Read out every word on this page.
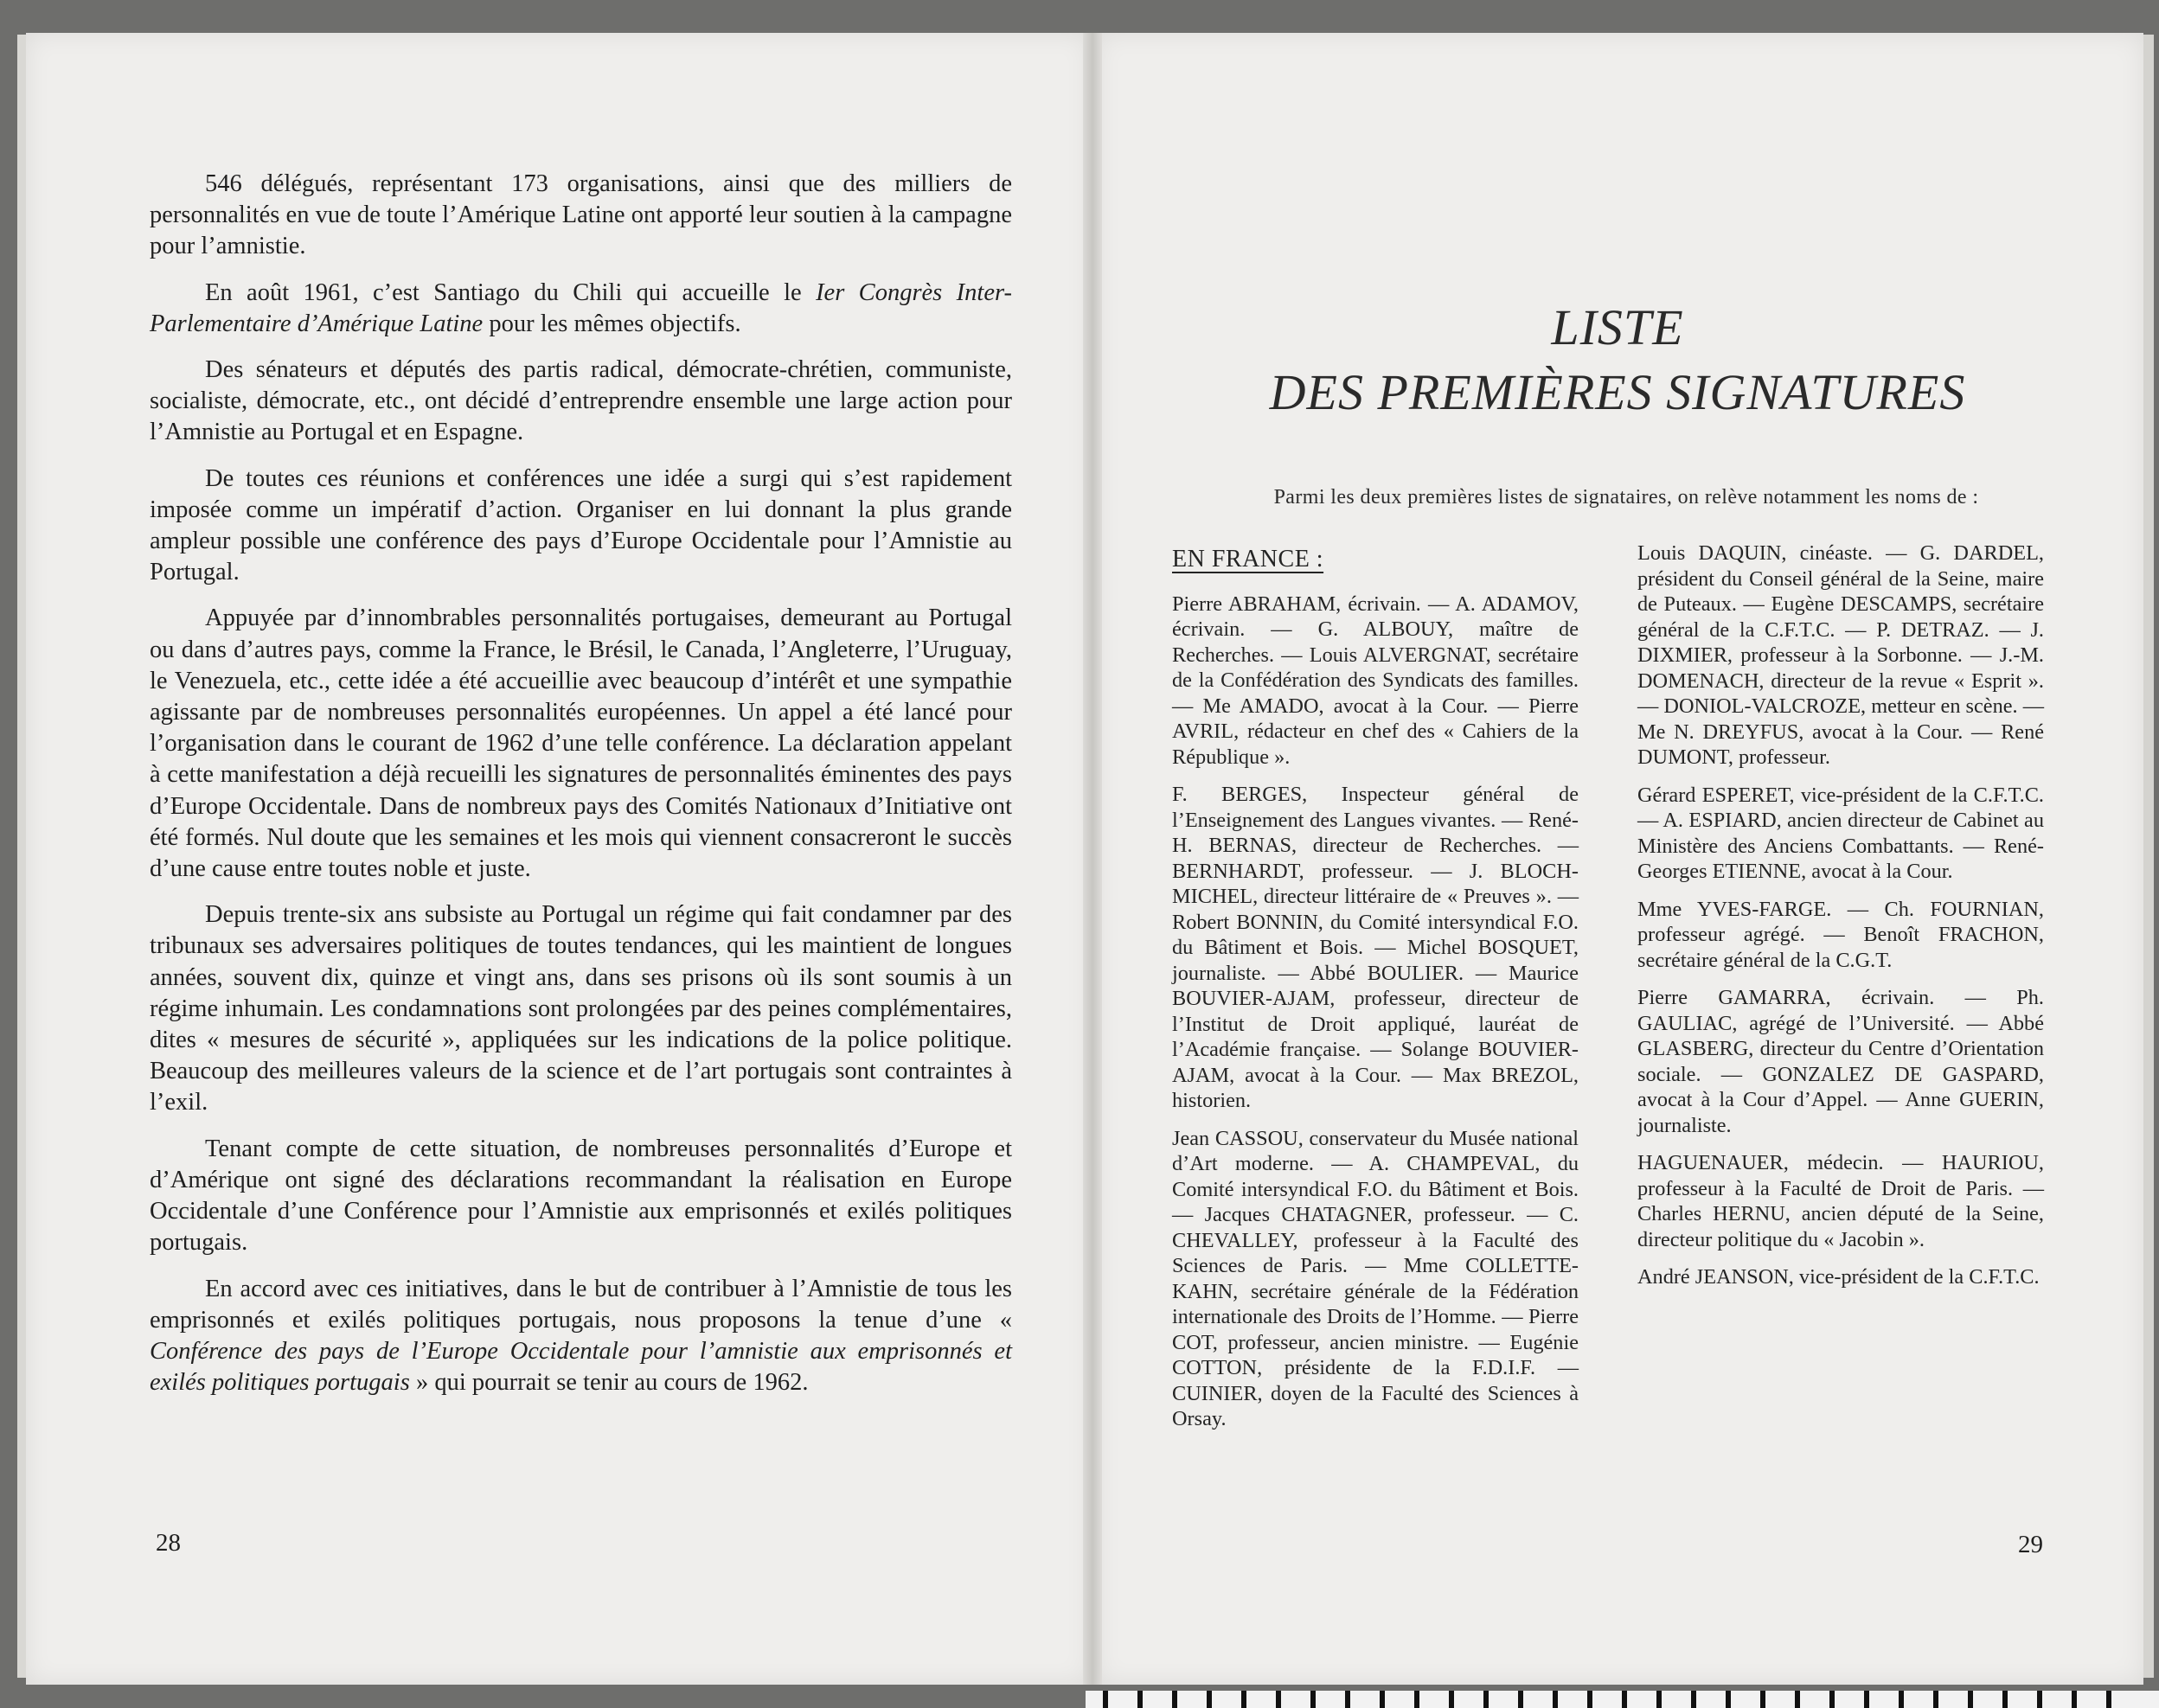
546 délégués, représentant 173 organisations, ainsi que des milliers de personnalités en vue de toute l’Amérique Latine ont apporté leur soutien à la campagne pour l’amnistie.

En août 1961, c’est Santiago du Chili qui accueille le Ier Congrès Inter-Parlementaire d’Amérique Latine pour les mêmes objectifs.

Des sénateurs et députés des partis radical, démocrate-chrétien, communiste, socialiste, démocrate, etc., ont décidé d’entreprendre ensemble une large action pour l’Amnistie au Portugal et en Espagne.

De toutes ces réunions et conférences une idée a surgi qui s’est rapidement imposée comme un impératif d’action. Organiser en lui donnant la plus grande ampleur possible une conférence des pays d’Europe Occidentale pour l’Amnistie au Portugal.

Appuyée par d’innombrables personnalités portugaises, demeurant au Portugal ou dans d’autres pays, comme la France, le Brésil, le Canada, l’Angleterre, l’Uruguay, le Venezuela, etc., cette idée a été accueillie avec beaucoup d’intérêt et une sympathie agissante par de nombreuses personnalités européennes. Un appel a été lancé pour l’organisation dans le courant de 1962 d’une telle conférence. La déclaration appelant à cette manifestation a déjà recueilli les signatures de personnalités éminentes des pays d’Europe Occidentale. Dans de nombreux pays des Comités Nationaux d’Initiative ont été formés. Nul doute que les semaines et les mois qui viennent consacreront le succès d’une cause entre toutes noble et juste.

Depuis trente-six ans subsiste au Portugal un régime qui fait condamner par des tribunaux ses adversaires politiques de toutes tendances, qui les maintient de longues années, souvent dix, quinze et vingt ans, dans ses prisons où ils sont soumis à un régime inhumain. Les condamnations sont prolongées par des peines complémentaires, dites « mesures de sécurité », appliquées sur les indications de la police politique. Beaucoup des meilleures valeurs de la science et de l’art portugais sont contraintes à l’exil.

Tenant compte de cette situation, de nombreuses personnalités d’Europe et d’Amérique ont signé des déclarations recommandant la réalisation en Europe Occidentale d’une Conférence pour l’Amnistie aux emprisonnés et exilés politiques portugais.

En accord avec ces initiatives, dans le but de contribuer à l’Amnistie de tous les emprisonnés et exilés politiques portugais, nous proposons la tenue d’une « Conférence des pays de l’Europe Occidentale pour l’amnistie aux emprisonnés et exilés politiques portugais » qui pourrait se tenir au cours de 1962.

28
LISTE
DES PREMIÈRES SIGNATURES
Parmi les deux premières listes de signataires, on relève notamment les noms de :
EN FRANCE :

Pierre ABRAHAM, écrivain. — A. ADAMOV, écrivain. — G. ALBOUY, maître de Recherches. — Louis ALVERGNAT, secrétaire de la Confédération des Syndicats des familles. — Me AMADO, avocat à la Cour. — Pierre AVRIL, rédacteur en chef des « Cahiers de la République ».

F. BERGES, Inspecteur général de l’Enseignement des Langues vivantes. — René-H. BERNAS, directeur de Recherches. — BERNHARDT, professeur. — J. BLOCH-MICHEL, directeur littéraire de « Preuves ». — Robert BONNIN, du Comité intersyndical F.O. du Bâtiment et Bois. — Michel BOSQUET, journaliste. — Abbé BOULIER. — Maurice BOUVIER-AJAM, professeur, directeur de l’Institut de Droit appliqué, lauréat de l’Académie française. — Solange BOUVIER-AJAM, avocat à la Cour. — Max BREZOL, historien.

Jean CASSOU, conservateur du Musée national d’Art moderne. — A. CHAMPEVAL, du Comité intersyndical F.O. du Bâtiment et Bois. — Jacques CHATAGNER, professeur. — C. CHEVALLEY, professeur à la Faculté des Sciences de Paris. — Mme COLLETTE-KAHN, secrétaire générale de la Fédération internationale des Droits de l’Homme. — Pierre COT, professeur, ancien ministre. — Eugénie COTTON, présidente de la F.D.I.F. — CUINIER, doyen de la Faculté des Sciences à Orsay.

Louis DAQUIN, cinéaste. — G. DARDEL, président du Conseil général de la Seine, maire de Puteaux. — Eugène DESCAMPS, secrétaire général de la C.F.T.C. — P. DETRAZ. — J. DIXMIER, professeur à la Sorbonne. — J.-M. DOMENACH, directeur de la revue « Esprit ». — DONIOL-VALCROZE, metteur en scène. — Me N. DREYFUS, avocat à la Cour. — René DUMONT, professeur.

Gérard ESPERET, vice-président de la C.F.T.C. — A. ESPIARD, ancien directeur de Cabinet au Ministère des Anciens Combattants. — René-Georges ETIENNE, avocat à la Cour.

Mme YVES-FARGE. — Ch. FOURNIAN, professeur agrégé. — Benoît FRACHON, secrétaire général de la C.G.T.

Pierre GAMARRA, écrivain. — Ph. GAULIAC, agrégé de l’Université. — Abbé GLASBERG, directeur du Centre d’Orientation sociale. — GONZALEZ DE GASPARD, avocat à la Cour d’Appel. — Anne GUERIN, journaliste.

HAGUENAUER, médecin. — HAURIOU, professeur à la Faculté de Droit de Paris. — Charles HERNU, ancien député de la Seine, directeur politique du « Jacobin ».

André JEANSON, vice-président de la C.F.T.C.

29
